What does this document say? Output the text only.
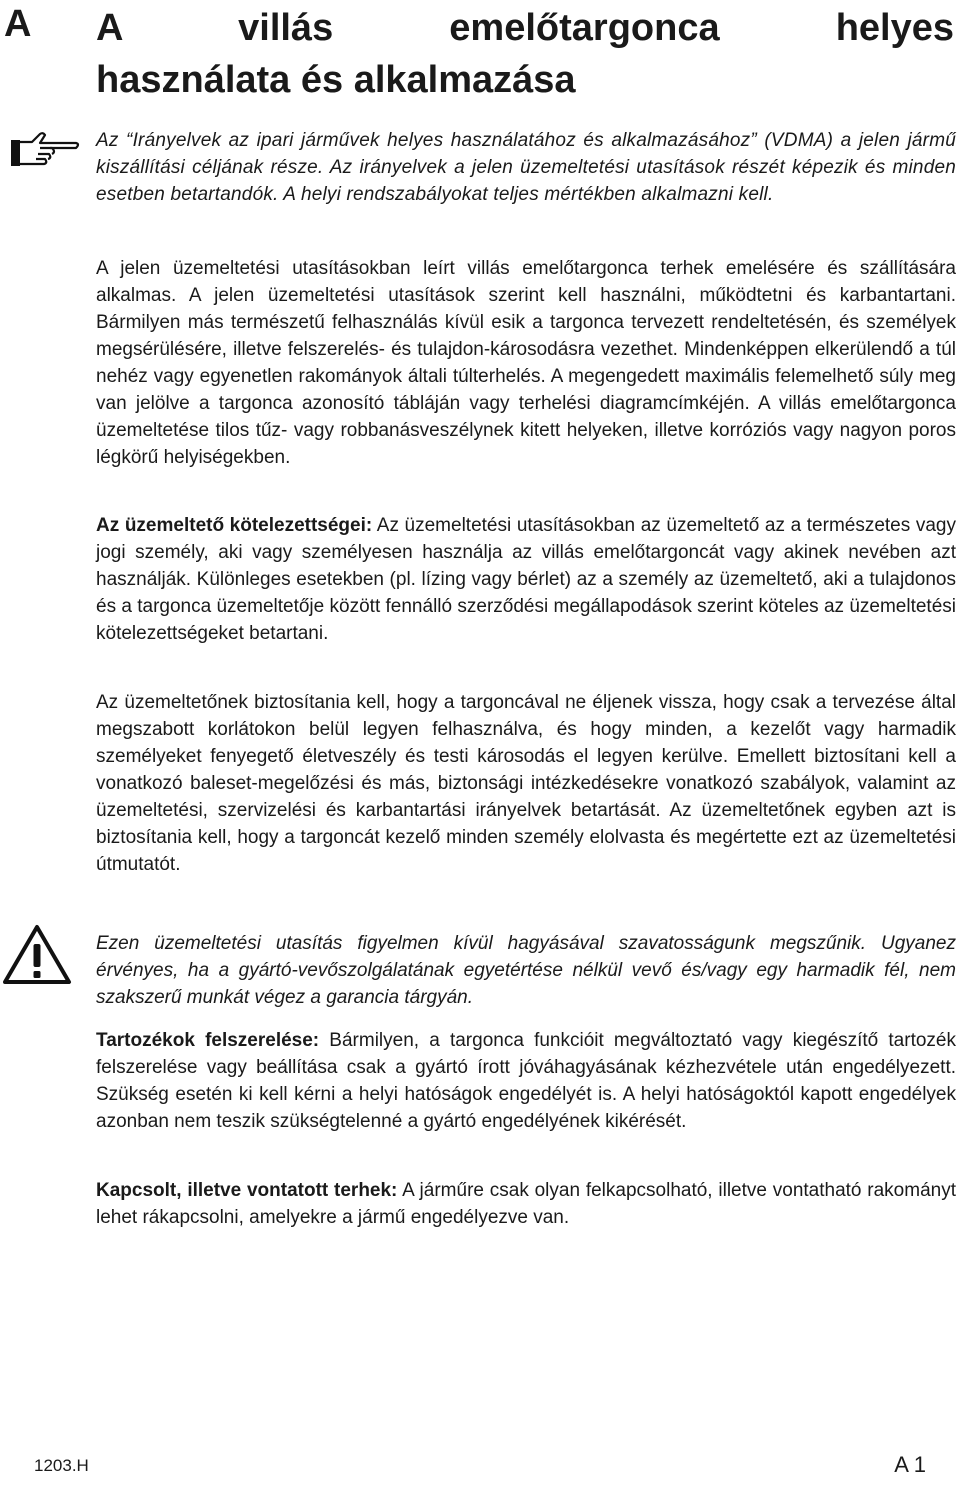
A A villás emelőtargonca helyes
használata és alkalmazása

Az “Irányelvek az ipari járművek helyes használatához és alkalmazásához” (VDMA) a jelen jármű kiszállítási céljának része. Az irányelvek a jelen üzemeltetési utasítások részét képezik és minden esetben betartandók. A helyi rendszabályokat teljes mértékben alkalmazni kell.

A jelen üzemeltetési utasításokban leírt villás emelőtargonca terhek emelésére és szállítására alkalmas. A jelen üzemeltetési utasítások szerint kell használni, működtetni és karbantartani. Bármilyen más természetű felhasználás kívül esik a targonca tervezett rendeltetésén, és személyek megsérülésére, illetve felszerelés- és tulajdon-károsodásra vezethet. Mindenképpen elkerülendő a túl nehéz vagy egyenetlen rakományok általi túlterhelés. A megengedett maximális felemelhető súly meg van jelölve a targonca azonosító tábláján vagy terhelési diagramcímkéjén. A villás emelőtargonca üzemeltetése tilos tűz- vagy robbanásveszélynek kitett helyeken, illetve korróziós vagy nagyon poros légkörű helyiségekben.

Az üzemeltető kötelezettségei: Az üzemeltetési utasításokban az üzemeltető az a természetes vagy jogi személy, aki vagy személyesen használja az villás emelőtargoncát vagy akinek nevében azt használják. Különleges esetekben (pl. lízing vagy bérlet) az a személy az üzemeltető, aki a tulajdonos és a targonca üzemeltetője között fennálló szerződési megállapodások szerint köteles az üzemeltetési kötelezettségeket betartani.

Az üzemeltetőnek biztosítania kell, hogy a targoncával ne éljenek vissza, hogy csak a tervezése által megszabott korlátokon belül legyen felhasználva, és hogy minden, a kezelőt vagy harmadik személyeket fenyegető életveszély és testi károsodás el legyen kerülve. Emellett biztosítani kell a vonatkozó baleset-megelőzési és más, biztonsági intézkedésekre vonatkozó szabályok, valamint az üzemeltetési, szervizelési és karbantartási irányelvek betartását. Az üzemeltetőnek egyben azt is biztosítania kell, hogy a targoncát kezelő minden személy elolvasta és megértette ezt az üzemeltetési útmutatót.

Ezen üzemeltetési utasítás figyelmen kívül hagyásával szavatosságunk megszűnik. Ugyanez érvényes, ha a gyártó-vevőszolgálatának egyetértése nélkül vevő és/vagy egy harmadik fél, nem szakszerű munkát végez a garancia tárgyán.

Tartozékok felszerelése: Bármilyen, a targonca funkcióit megváltoztató vagy kiegészítő tartozék felszerelése vagy beállítása csak a gyártó írott jóváhagyásának kézhezvétele után engedélyezett. Szükség esetén ki kell kérni a helyi hatóságok engedélyét is. A helyi hatóságoktól kapott engedélyek azonban nem teszik szükségtelenné a gyártó engedélyének kikérését.

Kapcsolt, illetve vontatott terhek: A járműre csak olyan felkapcsolható, illetve vontatható rakományt lehet rákapcsolni, amelyekre a jármű engedélyezve van.

1203.H	A 1
